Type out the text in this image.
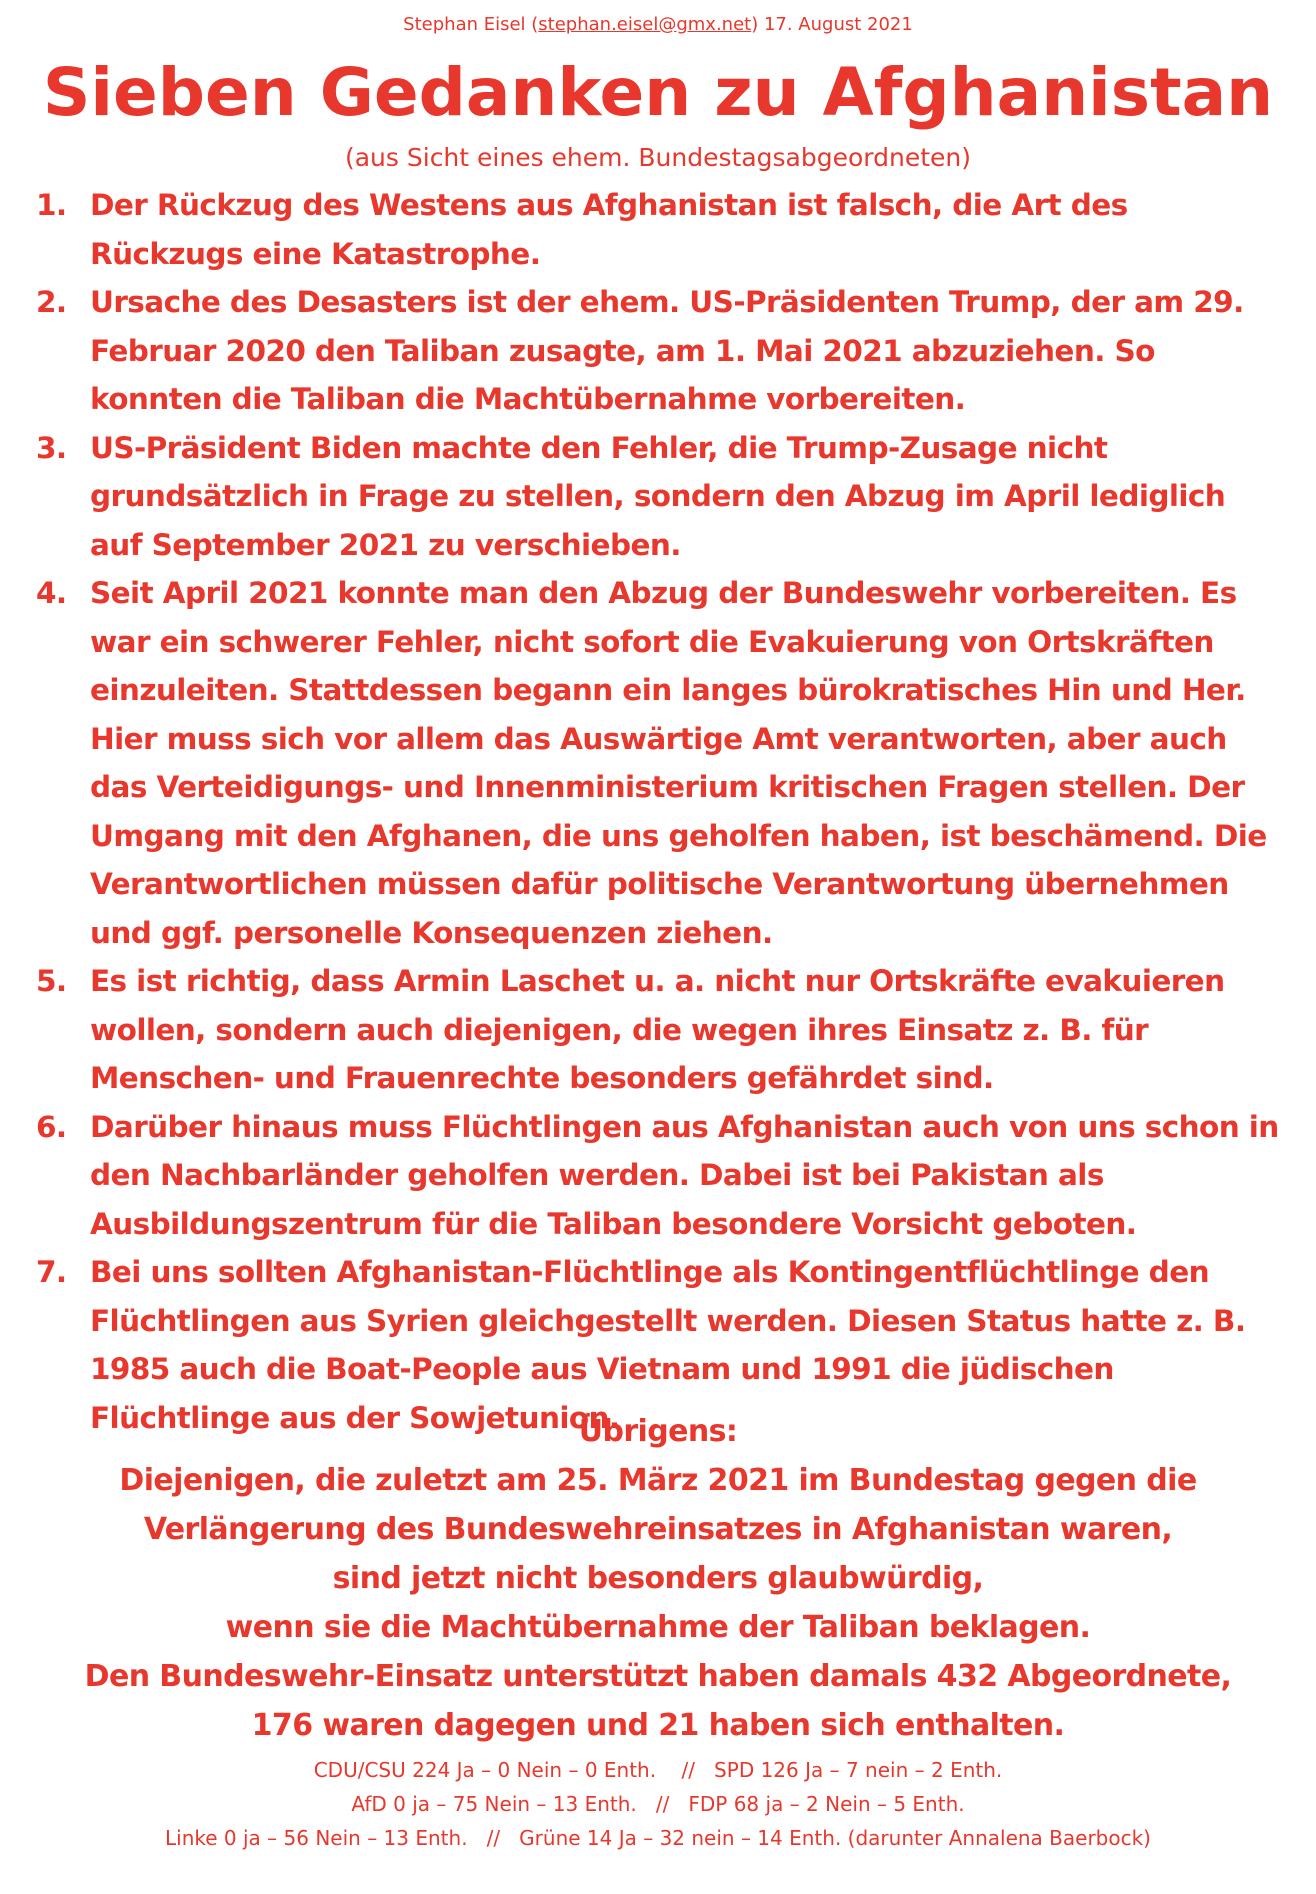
Stephan Eisel (stephan.eisel@gmx.net) 17. August 2021
Sieben Gedanken zu Afghanistan
(aus Sicht eines ehem. Bundestagsabgeordneten)
1. Der Rückzug des Westens aus Afghanistan ist falsch, die Art des Rückzugs eine Katastrophe.
2. Ursache des Desasters ist der ehem. US-Präsidenten Trump, der am 29. Februar 2020 den Taliban zusagte, am 1. Mai 2021 abzuziehen. So konnten die Taliban die Machtübernahme vorbereiten.
3. US-Präsident Biden machte den Fehler, die Trump-Zusage nicht grundsätzlich in Frage zu stellen, sondern den Abzug im April lediglich auf September 2021 zu verschieben.
4. Seit April 2021 konnte man den Abzug der Bundeswehr vorbereiten. Es war ein schwerer Fehler, nicht sofort die Evakuierung von Ortskräften einzuleiten. Stattdessen begann ein langes bürokratisches Hin und Her. Hier muss sich vor allem das Auswärtige Amt verantworten, aber auch das Verteidigungs- und Innenministerium kritischen Fragen stellen. Der Umgang mit den Afghanen, die uns geholfen haben, ist beschämend. Die Verantwortlichen müssen dafür politische Verantwortung übernehmen und ggf. personelle Konsequenzen ziehen.
5. Es ist richtig, dass Armin Laschet u. a. nicht nur Ortskräfte evakuieren wollen, sondern auch diejenigen, die wegen ihres Einsatz z. B. für Menschen- und Frauenrechte besonders gefährdet sind.
6. Darüber hinaus muss Flüchtlingen aus Afghanistan auch von uns schon in den Nachbarländer geholfen werden. Dabei ist bei Pakistan als Ausbildungszentrum für die Taliban besondere Vorsicht geboten.
7. Bei uns sollten Afghanistan-Flüchtlinge als Kontingentflüchtlinge den Flüchtlingen aus Syrien gleichgestellt werden. Diesen Status hatte z. B. 1985 auch die Boat-People aus Vietnam und 1991 die jüdischen Flüchtlinge aus der Sowjetunion.
Übrigens:
Diejenigen, die zuletzt am 25. März 2021 im Bundestag gegen die
Verlängerung des Bundeswehreinsatzes in Afghanistan waren,
sind jetzt nicht besonders glaubwürdig,
wenn sie die Machtübernahme der Taliban beklagen.
Den Bundeswehr-Einsatz unterstützt haben damals 432 Abgeordnete,
176 waren dagegen und 21 haben sich enthalten.
CDU/CSU 224 Ja – 0 Nein – 0 Enth.    //   SPD 126 Ja – 7 nein – 2 Enth.
AfD 0 ja – 75 Nein – 13 Enth.   //   FDP 68 ja – 2 Nein – 5 Enth.
Linke 0 ja – 56 Nein – 13 Enth.   //   Grüne 14 Ja – 32 nein – 14 Enth. (darunter Annalena Baerbock)
